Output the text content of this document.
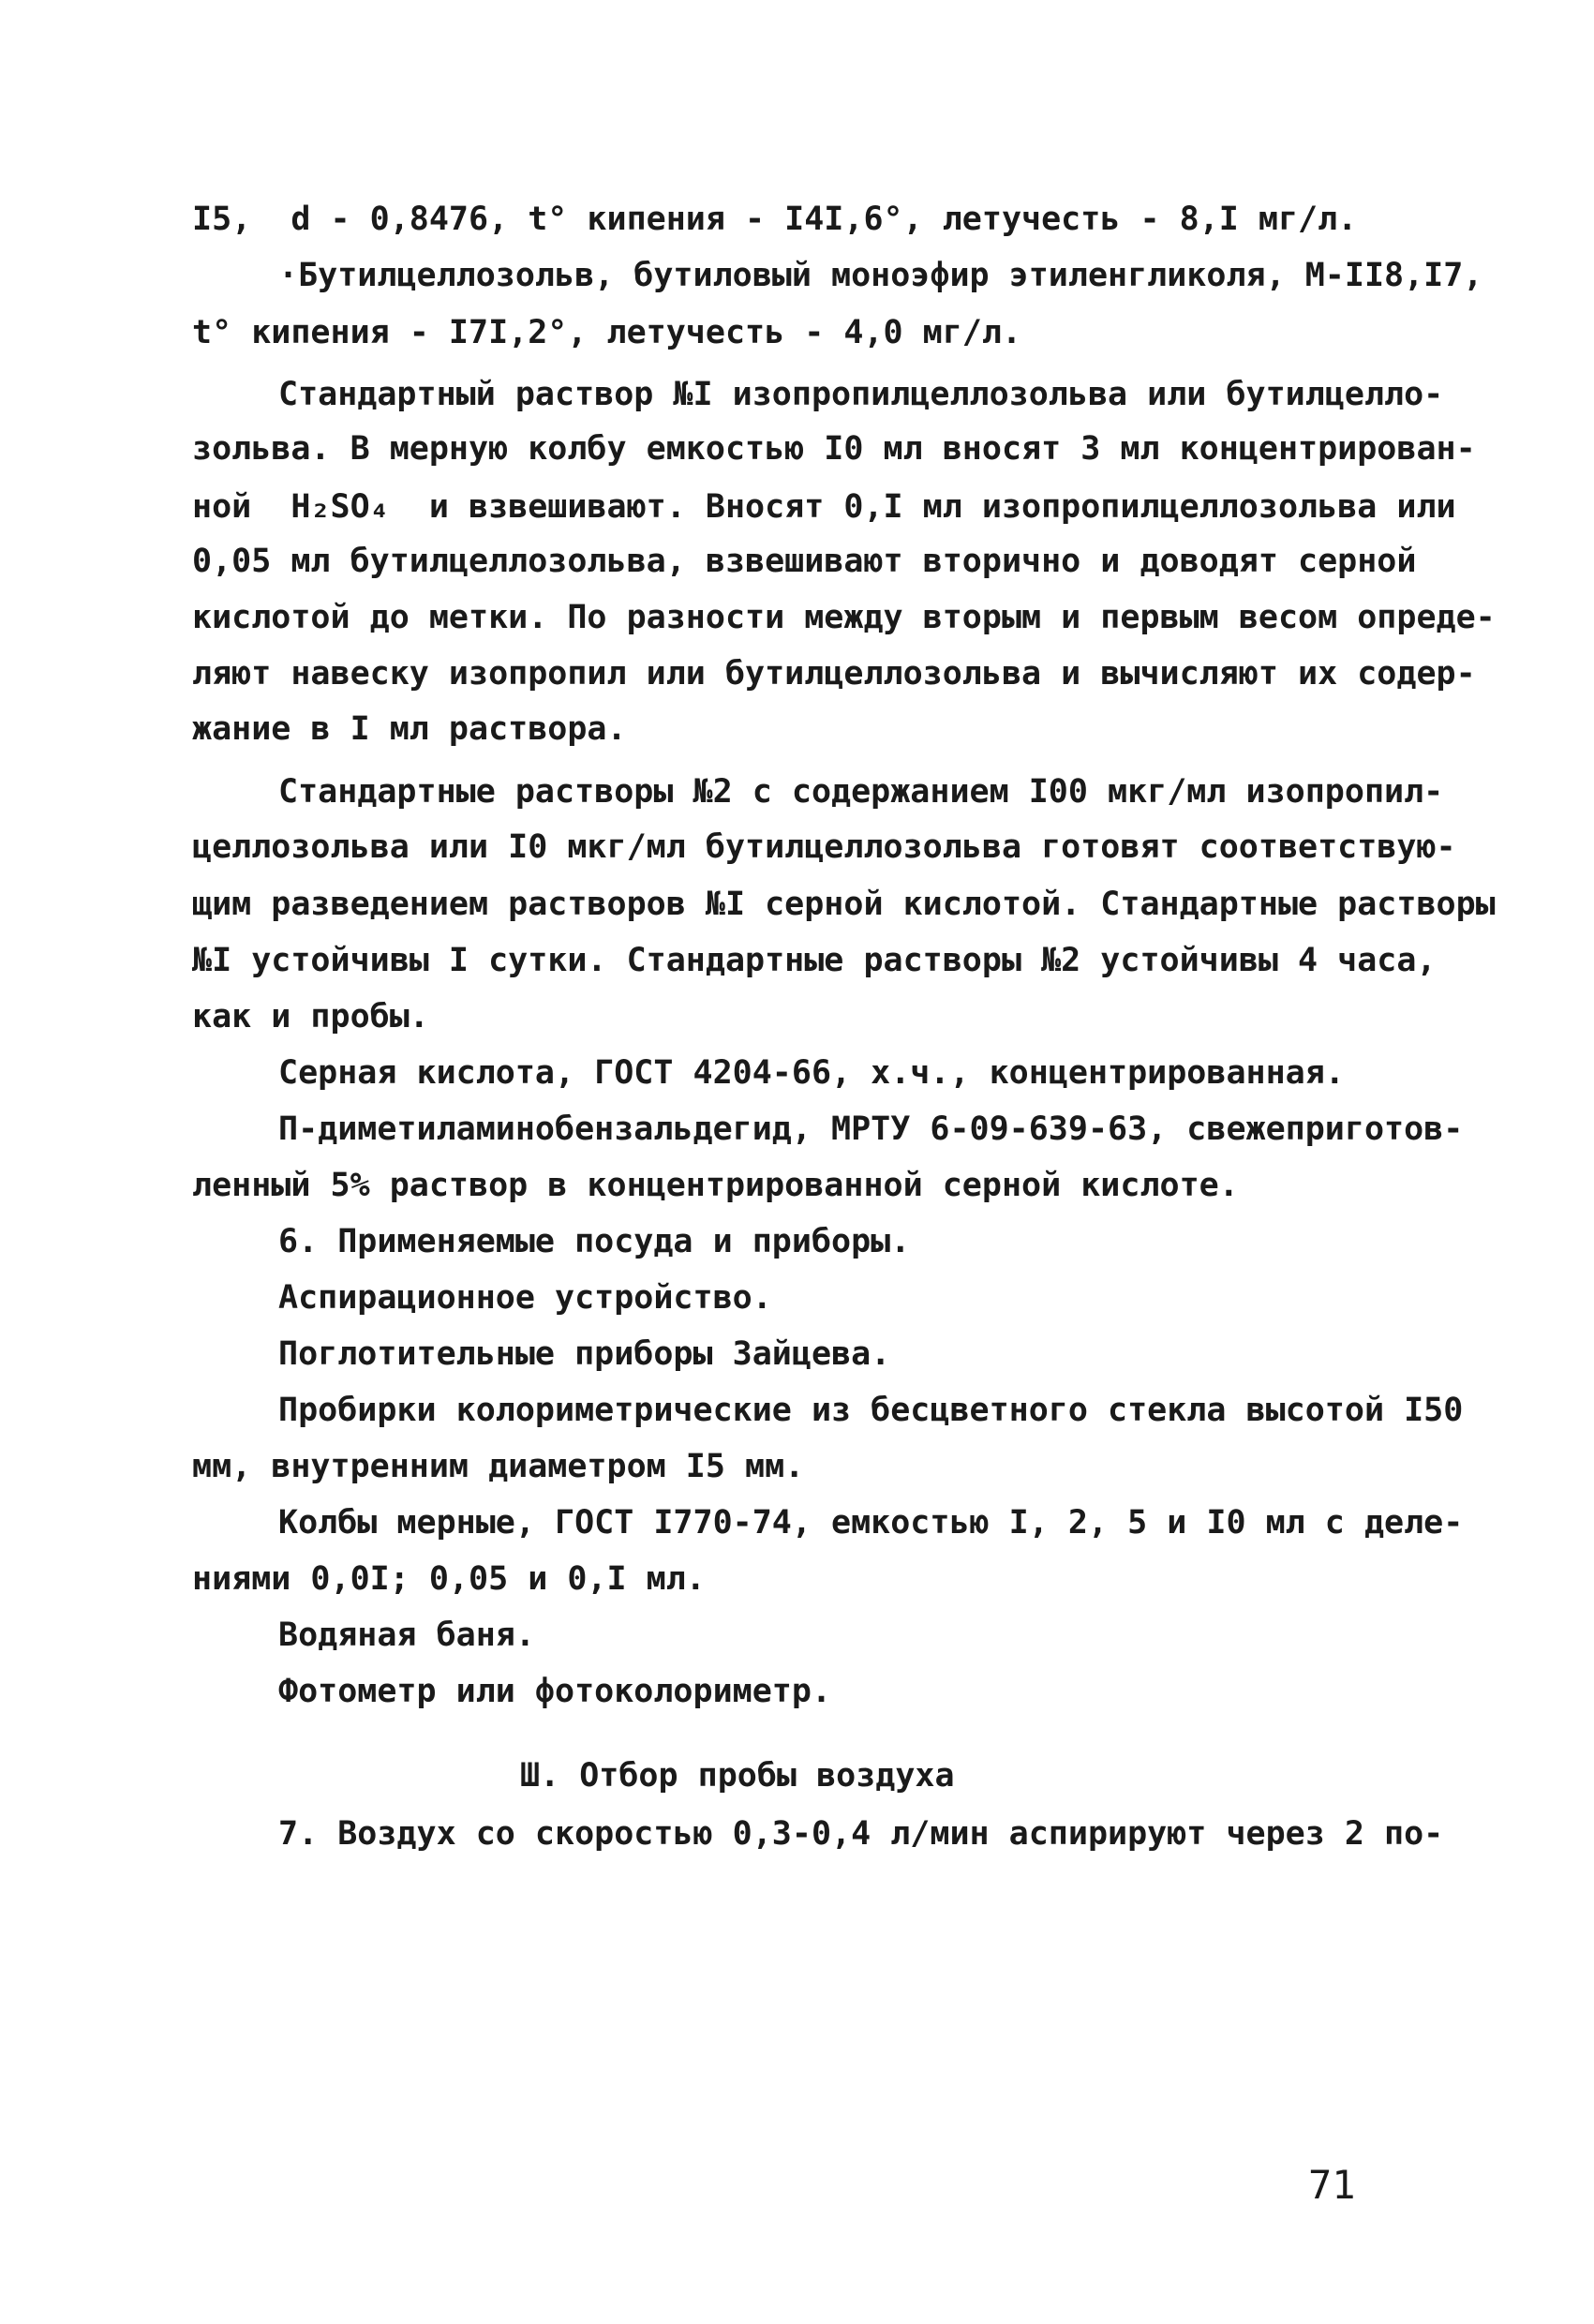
I5,  d - 0,8476, t° кипения - I4I,6°, летучесть - 8,I мг/л.

·Бутилцеллозольв, бутиловый моноэфир этиленгликоля, М-II8,I7,

t° кипения - I7I,2°, летучесть - 4,0 мг/л.

Стандартный раствор №I изопропилцеллозольва или бутилцелло-

зольва. В мерную колбу емкостью I0 мл вносят 3 мл концентрирован-

ной  H₂SO₄  и взвешивают. Вносят 0,I мл изопропилцеллозольва или

0,05 мл бутилцеллозольва, взвешивают вторично и доводят серной

кислотой до метки. По разности между вторым и первым весом опреде-

ляют навеску изопропил или бутилцеллозольва и вычисляют их содер-

жание в I мл раствора.

Стандартные растворы №2 с содержанием I00 мкг/мл изопропил-

целлозольва или I0 мкг/мл бутилцеллозольва готовят соответствую-

щим разведением растворов №I серной кислотой. Стандартные растворы

№I устойчивы I сутки. Стандартные растворы №2 устойчивы 4 часа,

как и пробы.

Серная кислота, ГОСТ 4204-66, х.ч., концентрированная.

П-диметиламинобензальдегид, МРТУ 6-09-639-63, свежеприготов-

ленный 5% раствор в концентрированной серной кислоте.

6. Применяемые посуда и приборы.

Аспирационное устройство.

Поглотительные приборы Зайцева.

Пробирки колориметрические из бесцветного стекла высотой I50

мм, внутренним диаметром I5 мм.

Колбы мерные, ГОСТ I770-74, емкостью I, 2, 5 и I0 мл с деле-

ниями 0,0I; 0,05 и 0,I мл.

Водяная баня.

Фотометр или фотоколориметр.

Ш. Отбор пробы воздуха

7. Воздух со скоростью 0,3-0,4 л/мин аспирируют через 2 по-

71
